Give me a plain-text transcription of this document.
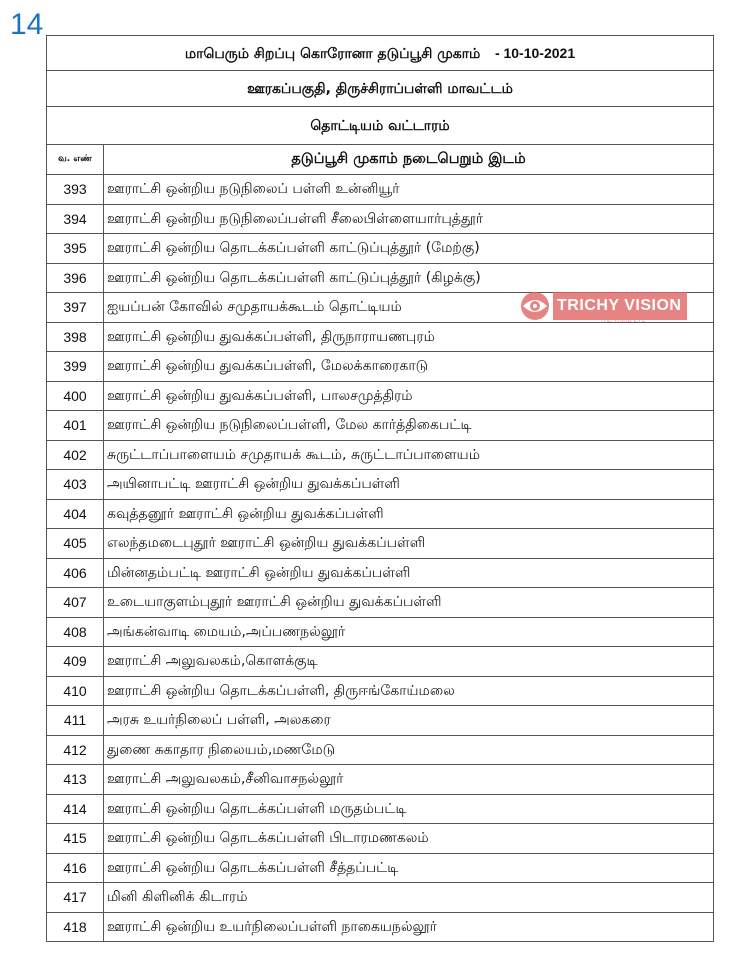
14
மாபெரும் சிறப்பு கொரோனா தடுப்பூசி முகாம் - 10-10-2021	
ஊரகப்பகுதி, திருச்சிராப்பள்ளி மாவட்டம்	
தொட்டியம் வட்டாரம்	
வ. எண்	தடுப்பூசி முகாம் நடைபெறும் இடம்
393	ஊராட்சி ஒன்றிய நடுநிலைப் பள்ளி உன்னியூர்
394	ஊராட்சி ஒன்றிய நடுநிலைப்பள்ளி சீலைபிள்ளையார்புத்தூர்
395	ஊராட்சி ஒன்றிய தொடக்கப்பள்ளி காட்டுப்புத்தூர் (மேற்கு)
396	ஊராட்சி ஒன்றிய தொடக்கப்பள்ளி காட்டுப்புத்தூர் (கிழக்கு)
397	ஐயப்பன் கோவில் சமுதாயக்கூடம் தொட்டியம்
398	ஊராட்சி ஒன்றிய துவக்கப்பள்ளி, திருநாராயணபுரம்
399	ஊராட்சி ஒன்றிய துவக்கப்பள்ளி, மேலக்காரைகாடு
400	ஊராட்சி ஒன்றிய துவக்கப்பள்ளி, பாலசமுத்திரம்
401	ஊராட்சி ஒன்றிய நடுநிலைப்பள்ளி, மேல கார்த்திகைபட்டி
402	சுருட்டாப்பாளையம் சமுதாயக் கூடம், சுருட்டாப்பாளையம்
403	அயினாபட்டி ஊராட்சி ஒன்றிய துவக்கப்பள்ளி
404	கவுத்தனூர் ஊராட்சி ஒன்றிய துவக்கப்பள்ளி
405	எலந்தமடைபுதூர் ஊராட்சி ஒன்றிய துவக்கப்பள்ளி
406	மின்னதம்பட்டி ஊராட்சி ஒன்றிய துவக்கப்பள்ளி
407	உடையாகுளம்புதூர் ஊராட்சி ஒன்றிய துவக்கப்பள்ளி
408	அங்கன்வாடி மையம்,அப்பணநல்லூர்
409	ஊராட்சி அலுவலகம்,கொளக்குடி
410	ஊராட்சி ஒன்றிய தொடக்கப்பள்ளி, திருஈங்கோய்மலை
411	அரசு உயர்நிலைப் பள்ளி, அலகரை
412	துணை சுகாதார நிலையம்,மணமேடு
413	ஊராட்சி அலுவலகம்,சீனிவாசநல்லூர்
414	ஊராட்சி ஒன்றிய தொடக்கப்பள்ளி மருதம்பட்டி
415	ஊராட்சி ஒன்றிய தொடக்கப்பள்ளி பிடாரமணகலம்
416	ஊராட்சி ஒன்றிய தொடக்கப்பள்ளி சீத்தப்பட்டி
417	மினி கிளினிக் கிடாரம்
418	ஊராட்சி ஒன்றிய உயர்நிலைப்பள்ளி நாகையநல்லூர்
TRICHY VISION
THE THIRD EYE
